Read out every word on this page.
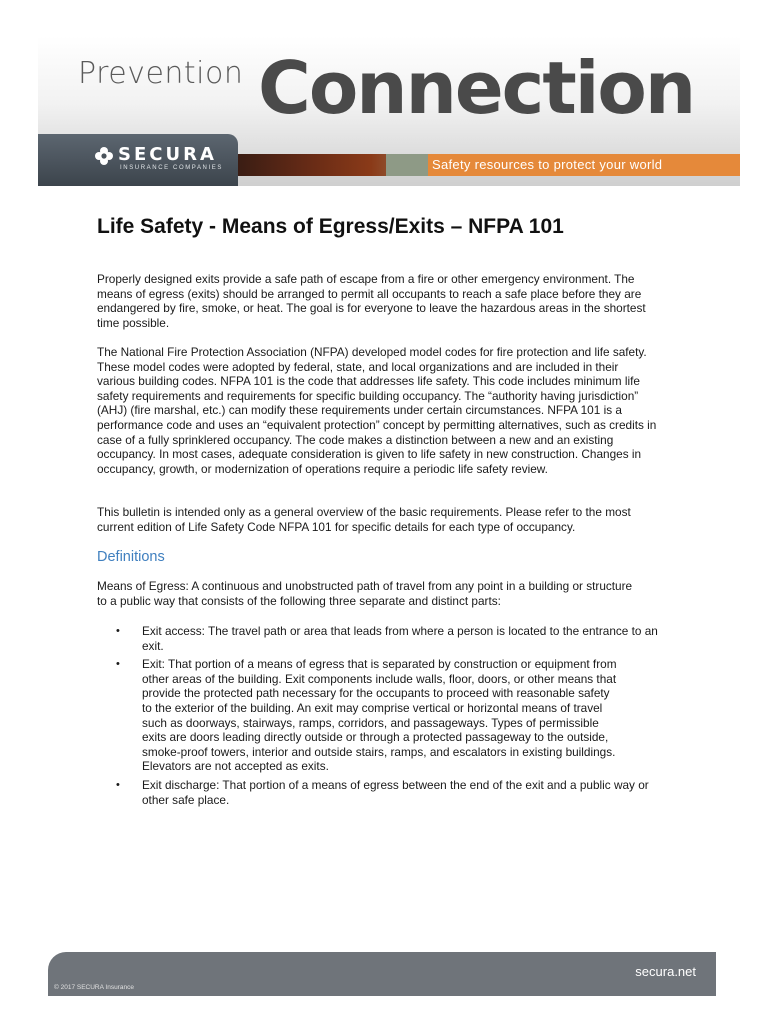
Prevention Connection
SECURA
INSURANCE COMPANIES	Safety resources to protect your world
Life Safety - Means of Egress/Exits – NFPA 101

Properly designed exits provide a safe path of escape from a fire or other emergency environment. The means of egress (exits) should be arranged to permit all occupants to reach a safe place before they are endangered by fire, smoke, or heat. The goal is for everyone to leave the hazardous areas in the shortest time possible.

The National Fire Protection Association (NFPA) developed model codes for fire protection and life safety. These model codes were adopted by federal, state, and local organizations and are included in their various building codes. NFPA 101 is the code that addresses life safety. This code includes minimum life safety requirements and requirements for specific building occupancy. The “authority having jurisdiction” (AHJ) (fire marshal, etc.) can modify these requirements under certain circumstances. NFPA 101 is a performance code and uses an “equivalent protection” concept by permitting alternatives, such as credits in case of a fully sprinklered occupancy. The code makes a distinction between a new and an existing occupancy. In most cases, adequate consideration is given to life safety in new construction. Changes in occupancy, growth, or modernization of operations require a periodic life safety review.

This bulletin is intended only as a general overview of the basic requirements. Please refer to the most current edition of Life Safety Code NFPA 101 for specific details for each type of occupancy.

Definitions

Means of Egress: A continuous and unobstructed path of travel from any point in a building or structure to a public way that consists of the following three separate and distinct parts:

• Exit access: The travel path or area that leads from where a person is located to the entrance to an exit.
• Exit: That portion of a means of egress that is separated by construction or equipment from other areas of the building. Exit components include walls, floor, doors, or other means that provide the protected path necessary for the occupants to proceed with reasonable safety to the exterior of the building. An exit may comprise vertical or horizontal means of travel such as doorways, stairways, ramps, corridors, and passageways. Types of permissible exits are doors leading directly outside or through a protected passageway to the outside, smoke-proof towers, interior and outside stairs, ramps, and escalators in existing buildings. Elevators are not accepted as exits.
• Exit discharge: That portion of a means of egress between the end of the exit and a public way or other safe place.
secura.net
© 2017 SECURA Insurance
